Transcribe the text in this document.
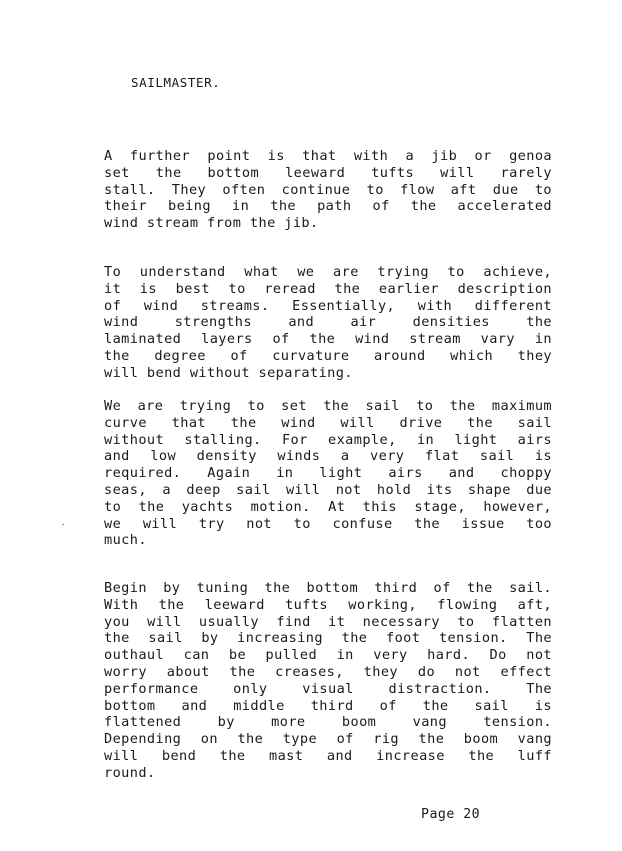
SAILMASTER.
A further point is that with a jib or genoa
set the bottom leeward tufts will rarely
stall. They often continue to flow aft due to
their being in the path of the accelerated
wind stream from the jib.
To understand what we are trying to achieve,
it is best to reread the earlier description
of wind streams. Essentially, with different
wind strengths and air densities the
laminated layers of the wind stream vary in
the degree of curvature around which they
will bend without separating.
We are trying to set the sail to the maximum
curve that the wind will drive the sail
without stalling. For example, in light airs
and low density winds a very flat sail is
required. Again in light airs and choppy
seas, a deep sail will not hold its shape due
to the yachts motion. At this stage, however,
we will try not to confuse the issue too
much.
Begin by tuning the bottom third of the sail.
With the leeward tufts working, flowing aft,
you will usually find it necessary to flatten
the sail by increasing the foot tension. The
outhaul can be pulled in very hard. Do not
worry about the creases, they do not effect
performance only visual distraction. The
bottom and middle third of the sail is
flattened by more boom vang tension.
Depending on the type of rig the boom vang
will bend the mast and increase the luff
round.
Page 20
